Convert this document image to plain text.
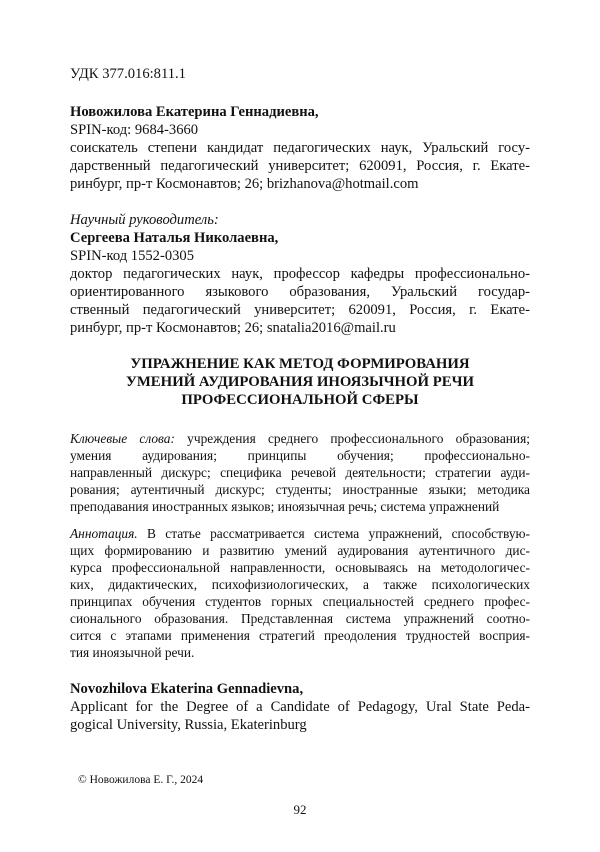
УДК 377.016:811.1
Новожилова Екатерина Геннадиевна,
SPIN-код: 9684-3660
соискатель степени кандидат педагогических наук, Уральский госу-
дарственный педагогический университет; 620091, Россия, г. Екате-
ринбург, пр-т Космонавтов; 26; brizhanova@hotmail.com
Научный руководитель:
Сергеева Наталья Николаевна,
SPIN-код 1552-0305
доктор педагогических наук, профессор кафедры профессионально-
ориентированного языкового образования, Уральский государ-
ственный педагогический университет; 620091, Россия, г. Екате-
ринбург, пр-т Космонавтов; 26; snatalia2016@mail.ru
УПРАЖНЕНИЕ КАК МЕТОД ФОРМИРОВАНИЯ
УМЕНИЙ АУДИРОВАНИЯ ИНОЯЗЫЧНОЙ РЕЧИ
ПРОФЕССИОНАЛЬНОЙ СФЕРЫ
Ключевые слова: учреждения среднего профессионального образования;
умения аудирования; принципы обучения; профессионально-
направленный дискурс; специфика речевой деятельности; стратегии ауди-
рования; аутентичный дискурс; студенты; иностранные языки; методика
преподавания иностранных языков; иноязычная речь; система упражнений
Аннотация. В статье рассматривается система упражнений, способствую-
щих формированию и развитию умений аудирования аутентичного дис-
курса профессиональной направленности, основываясь на методологичес-
ких, дидактических, психофизиологических, а также психологических
принципах обучения студентов горных специальностей среднего профес-
сионального образования. Представленная система упражнений соотно-
сится с этапами применения стратегий преодоления трудностей восприя-
тия иноязычной речи.
Novozhilova Ekaterina Gennadievna,
Applicant for the Degree of a Candidate of Pedagogy, Ural State Peda-
gogical University, Russia, Ekaterinburg
© Новожилова Е. Г., 2024
92
